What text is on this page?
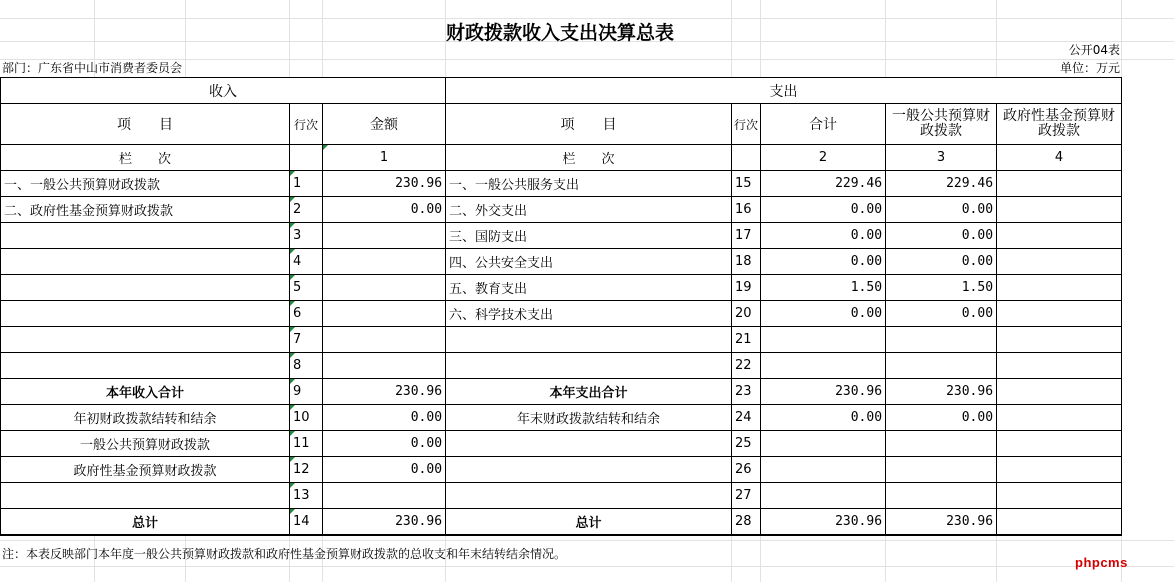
财政拨款收入支出决算总表
公开04表
部门：广东省中山市消费者委员会	单位：万元
收入			支出				
项　　目	行次	金额	项　　目	行次	合计	一般公共预算财政拨款	政府性基金预算财政拨款
栏　　次		1	栏　　次		2	3	4
一、一般公共预算财政拨款	1	230.96	一、一般公共服务支出	15	229.46	229.46	
二、政府性基金预算财政拨款	2	0.00	二、外交支出	16	0.00	0.00	
	3		三、国防支出	17	0.00	0.00	
	4		四、公共安全支出	18	0.00	0.00	
	5		五、教育支出	19	1.50	1.50	
	6		六、科学技术支出	20	0.00	0.00	
	7			21			
	8			22			
本年收入合计	9	230.96	本年支出合计	23	230.96	230.96	
年初财政拨款结转和结余	10	0.00	年末财政拨款结转和结余	24	0.00	0.00	
一般公共预算财政拨款	11	0.00		25			
政府性基金预算财政拨款	12	0.00		26			
	13			27			
总计	14	230.96	总计	28	230.96	230.96	
注：本表反映部门本年度一般公共预算财政拨款和政府性基金预算财政拨款的总收支和年末结转结余情况。
phpcms
